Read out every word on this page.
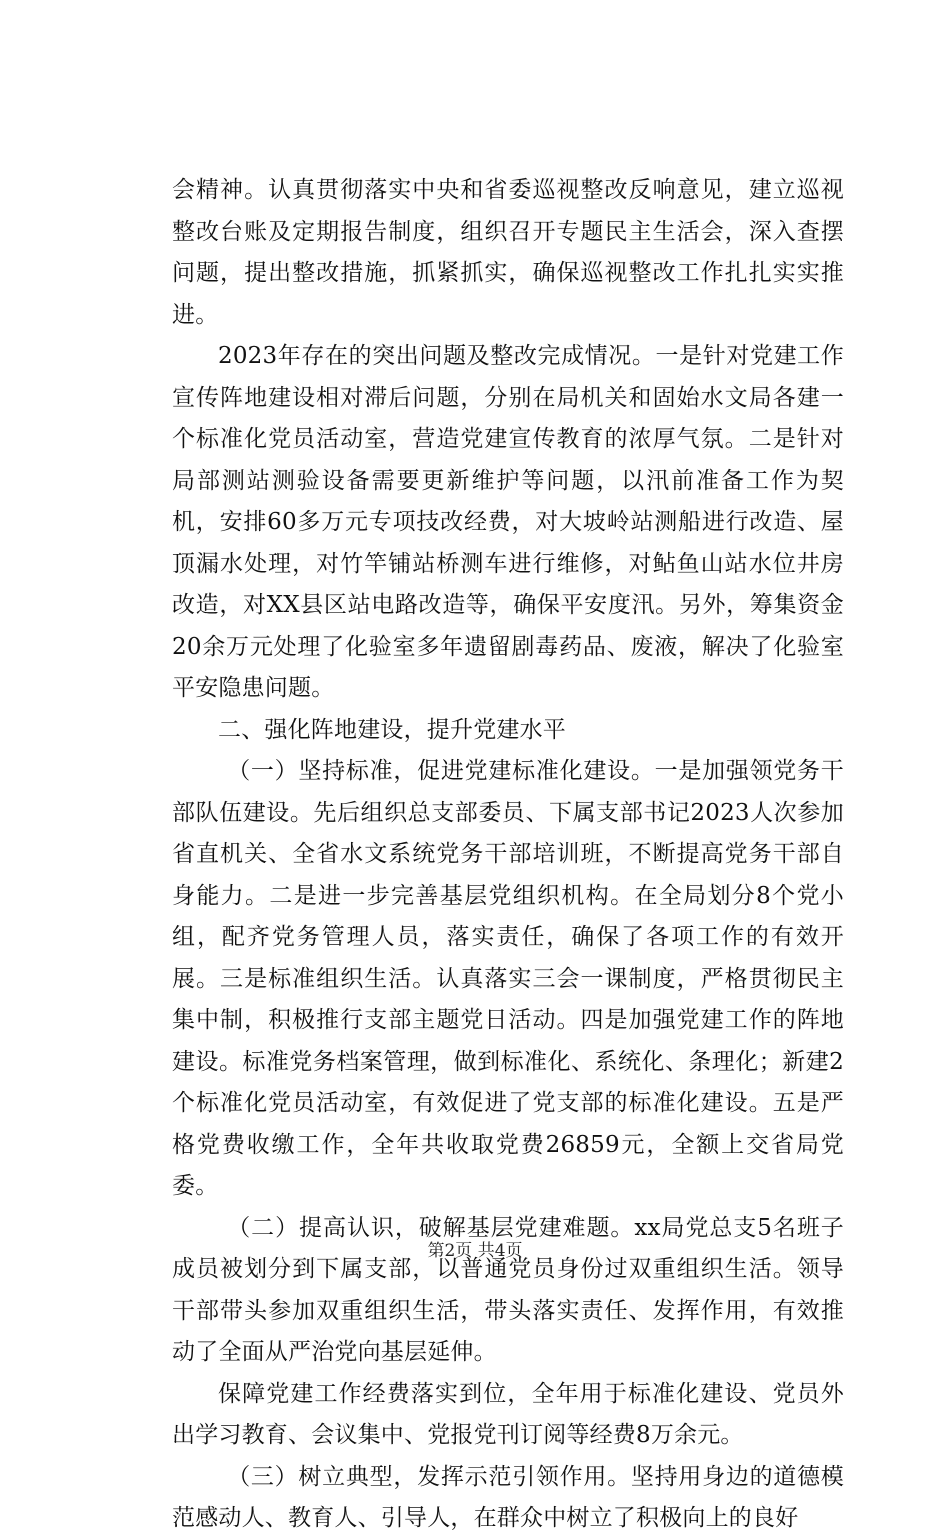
会精神。认真贯彻落实中央和省委巡视整改反响意见，建立巡视整改台账及定期报告制度，组织召开专题民主生活会，深入查摆问题，提出整改措施，抓紧抓实，确保巡视整改工作扎扎实实推进。

2023年存在的突出问题及整改完成情况。一是针对党建工作宣传阵地建设相对滞后问题，分别在局机关和固始水文局各建一个标准化党员活动室，营造党建宣传教育的浓厚气氛。二是针对局部测站测验设备需要更新维护等问题，以汛前准备工作为契机，安排60多万元专项技改经费，对大坡岭站测船进行改造、屋顶漏水处理，对竹竿铺站桥测车进行维修，对鲇鱼山站水位井房改造，对XX县区站电路改造等，确保平安度汛。另外，筹集资金20余万元处理了化验室多年遗留剧毒药品、废液，解决了化验室平安隐患问题。

二、强化阵地建设，提升党建水平

（一）坚持标准，促进党建标准化建设。一是加强领党务干部队伍建设。先后组织总支部委员、下属支部书记2023人次参加省直机关、全省水文系统党务干部培训班，不断提高党务干部自身能力。二是进一步完善基层党组织机构。在全局划分8个党小组，配齐党务管理人员，落实责任，确保了各项工作的有效开展。三是标准组织生活。认真落实三会一课制度，严格贯彻民主集中制，积极推行支部主题党日活动。四是加强党建工作的阵地建设。标准党务档案管理，做到标准化、系统化、条理化；新建2个标准化党员活动室，有效促进了党支部的标准化建设。五是严格党费收缴工作，全年共收取党费26859元，全额上交省局党委。

（二）提高认识，破解基层党建难题。xx局党总支5名班子成员被划分到下属支部，以普通党员身份过双重组织生活。领导干部带头参加双重组织生活，带头落实责任、发挥作用，有效推动了全面从严治党向基层延伸。

保障党建工作经费落实到位，全年用于标准化建设、党员外出学习教育、会议集中、党报党刊订阅等经费8万余元。

（三）树立典型，发挥示范引领作用。坚持用身边的道德模范感动人、教育人、引导人，在群众中树立了积极向上的良好

第2页 共4页
